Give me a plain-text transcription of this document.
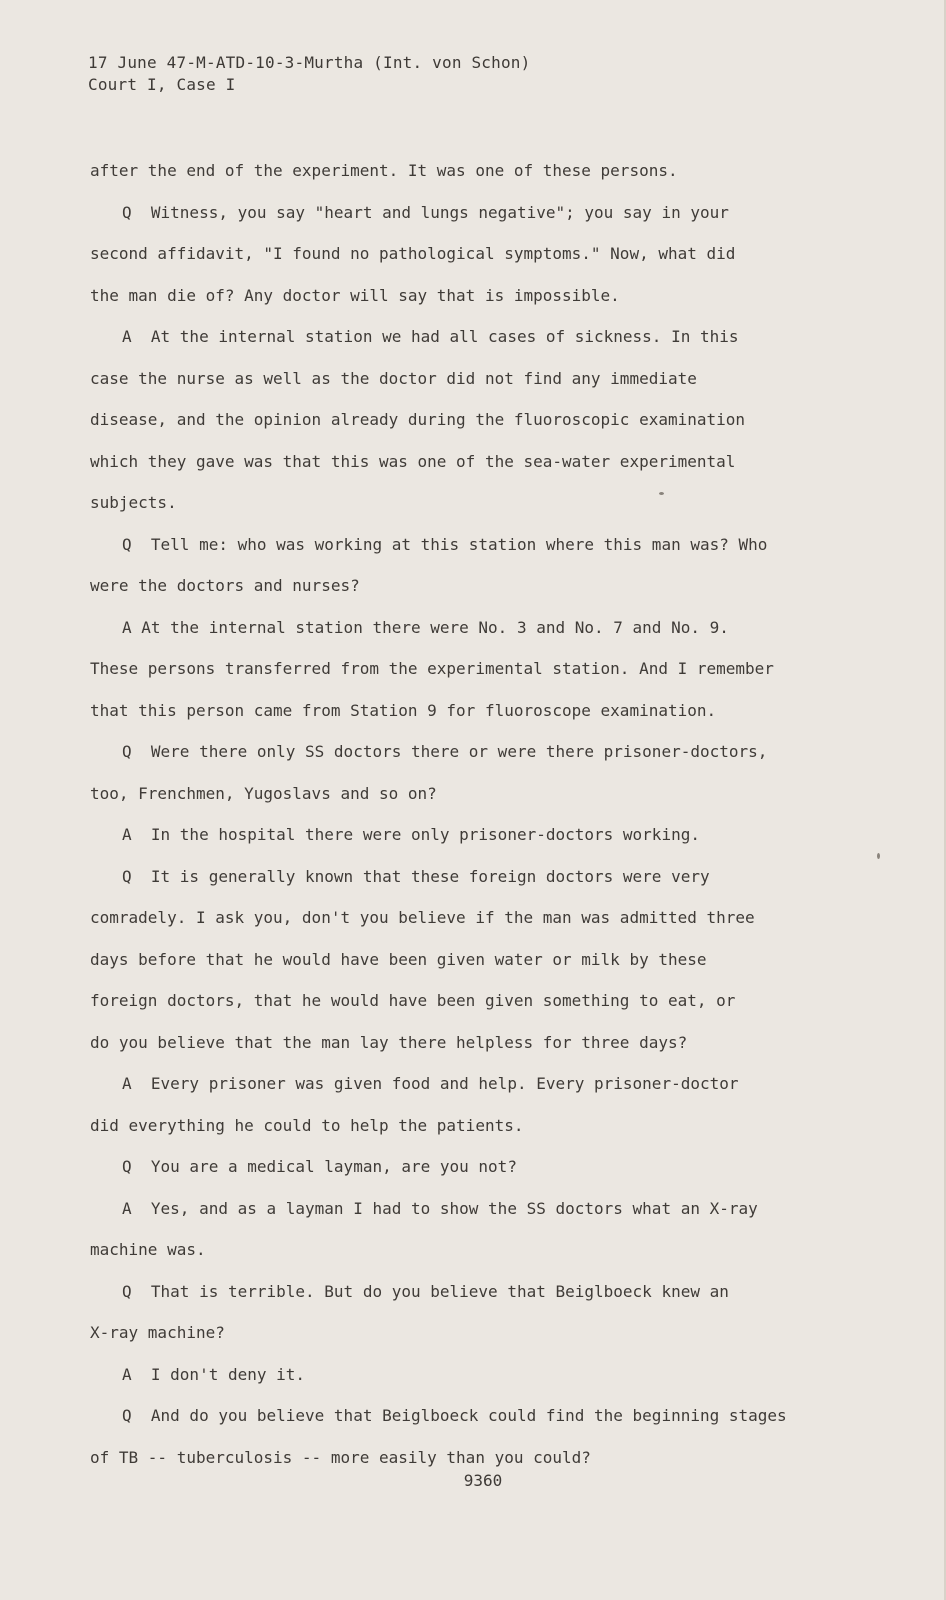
17 June 47-M-ATD-10-3-Murtha (Int. von Schon)
Court I, Case I
after the end of the experiment. It was one of these persons.
Q  Witness, you say "heart and lungs negative"; you say in your
second affidavit, "I found no pathological symptoms." Now, what did
the man die of? Any doctor will say that is impossible.
A  At the internal station we had all cases of sickness. In this
case the nurse as well as the doctor did not find any immediate
disease, and the opinion already during the fluoroscopic examination
which they gave was that this was one of the sea-water experimental
subjects.
Q  Tell me: who was working at this station where this man was? Who
were the doctors and nurses?
A At the internal station there were No. 3 and No. 7 and No. 9.
These persons transferred from the experimental station. And I remember
that this person came from Station 9 for fluoroscope examination.
Q  Were there only SS doctors there or were there prisoner-doctors,
too, Frenchmen, Yugoslavs and so on?
A  In the hospital there were only prisoner-doctors working.
Q  It is generally known that these foreign doctors were very
comradely. I ask you, don't you believe if the man was admitted three
days before that he would have been given water or milk by these
foreign doctors, that he would have been given something to eat, or
do you believe that the man lay there helpless for three days?
A  Every prisoner was given food and help. Every prisoner-doctor
did everything he could to help the patients.
Q  You are a medical layman, are you not?
A  Yes, and as a layman I had to show the SS doctors what an X-ray
machine was.
Q  That is terrible. But do you believe that Beiglboeck knew an
X-ray machine?
A  I don't deny it.
Q  And do you believe that Beiglboeck could find the beginning stages
of TB -- tuberculosis -- more easily than you could?
9360
